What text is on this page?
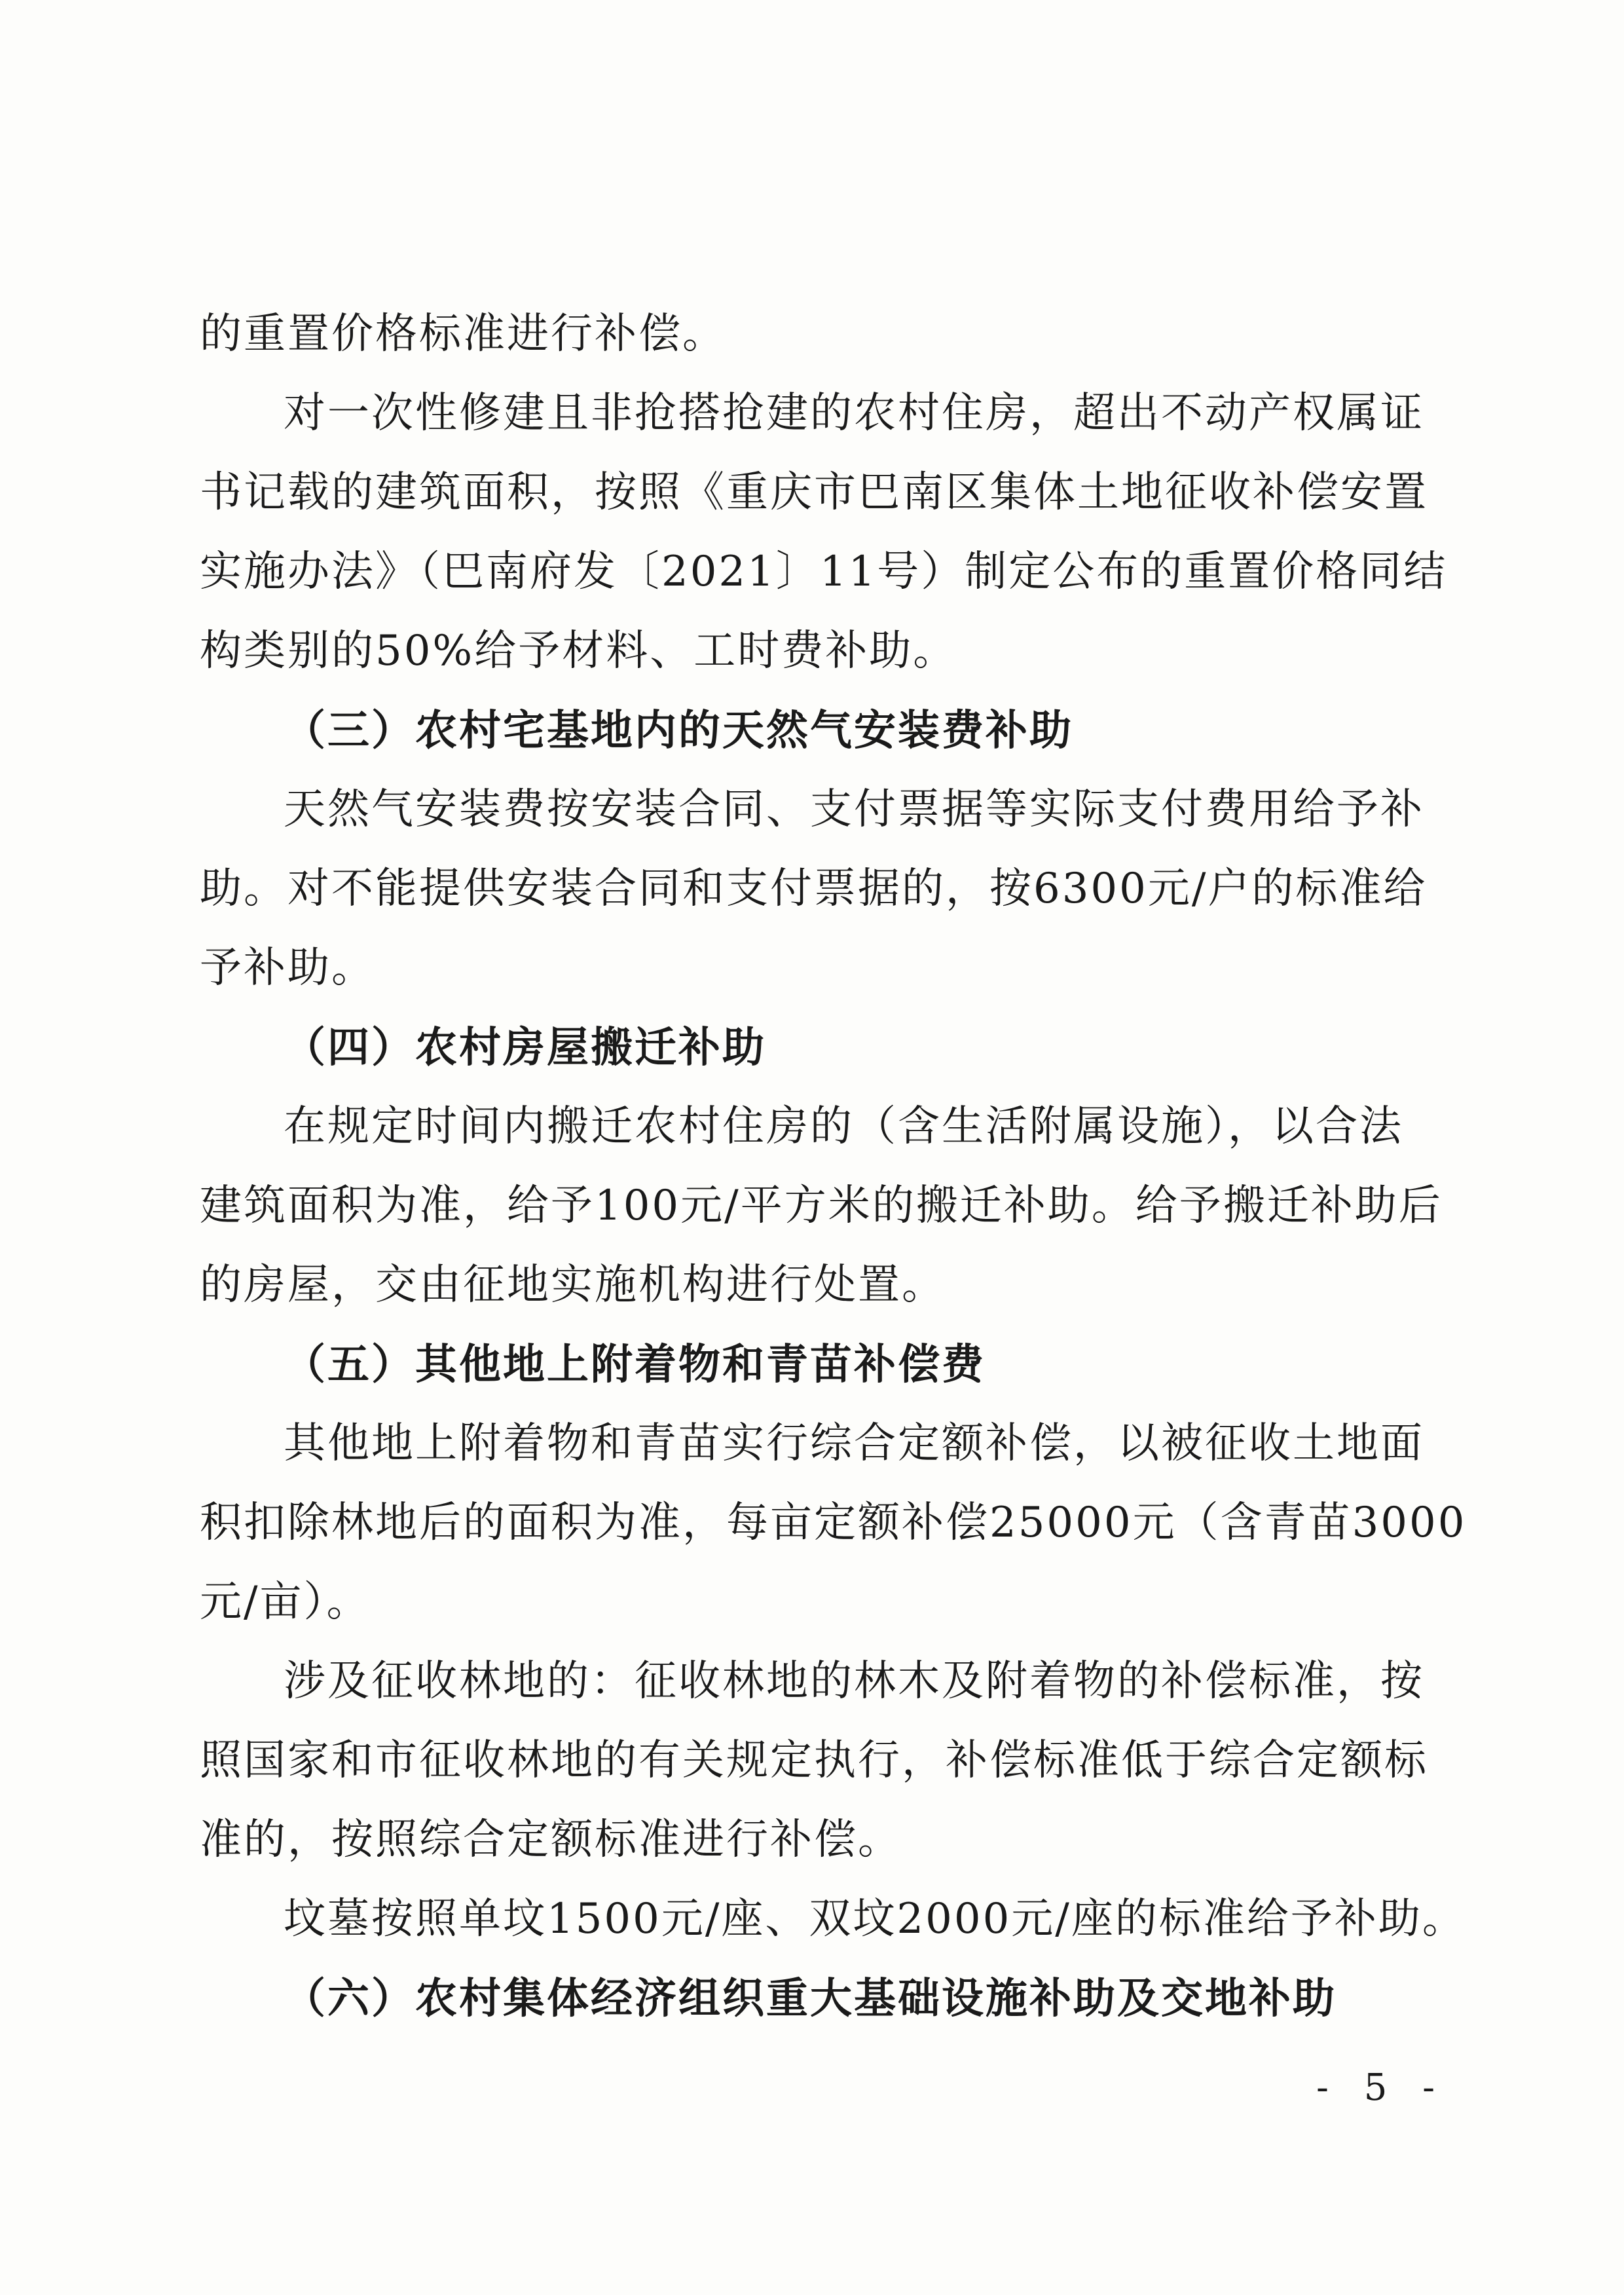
的重置价格标准进行补偿。
对一次性修建且非抢搭抢建的农村住房，超出不动产权属证
书记载的建筑面积，按照《重庆市巴南区集体土地征收补偿安置
实施办法》（巴南府发〔2021〕11号）制定公布的重置价格同结
构类别的50%给予材料、工时费补助。
（三）农村宅基地内的天然气安装费补助
天然气安装费按安装合同、支付票据等实际支付费用给予补
助。对不能提供安装合同和支付票据的，按6300元/户的标准给
予补助。
（四）农村房屋搬迁补助
在规定时间内搬迁农村住房的（含生活附属设施），以合法
建筑面积为准，给予100元/平方米的搬迁补助。给予搬迁补助后
的房屋，交由征地实施机构进行处置。
（五）其他地上附着物和青苗补偿费
其他地上附着物和青苗实行综合定额补偿，以被征收土地面
积扣除林地后的面积为准，每亩定额补偿25000元（含青苗3000
元/亩）。
涉及征收林地的：征收林地的林木及附着物的补偿标准，按
照国家和市征收林地的有关规定执行，补偿标准低于综合定额标
准的，按照综合定额标准进行补偿。
坟墓按照单坟1500元/座、双坟2000元/座的标准给予补助。
（六）农村集体经济组织重大基础设施补助及交地补助
- 5 -
